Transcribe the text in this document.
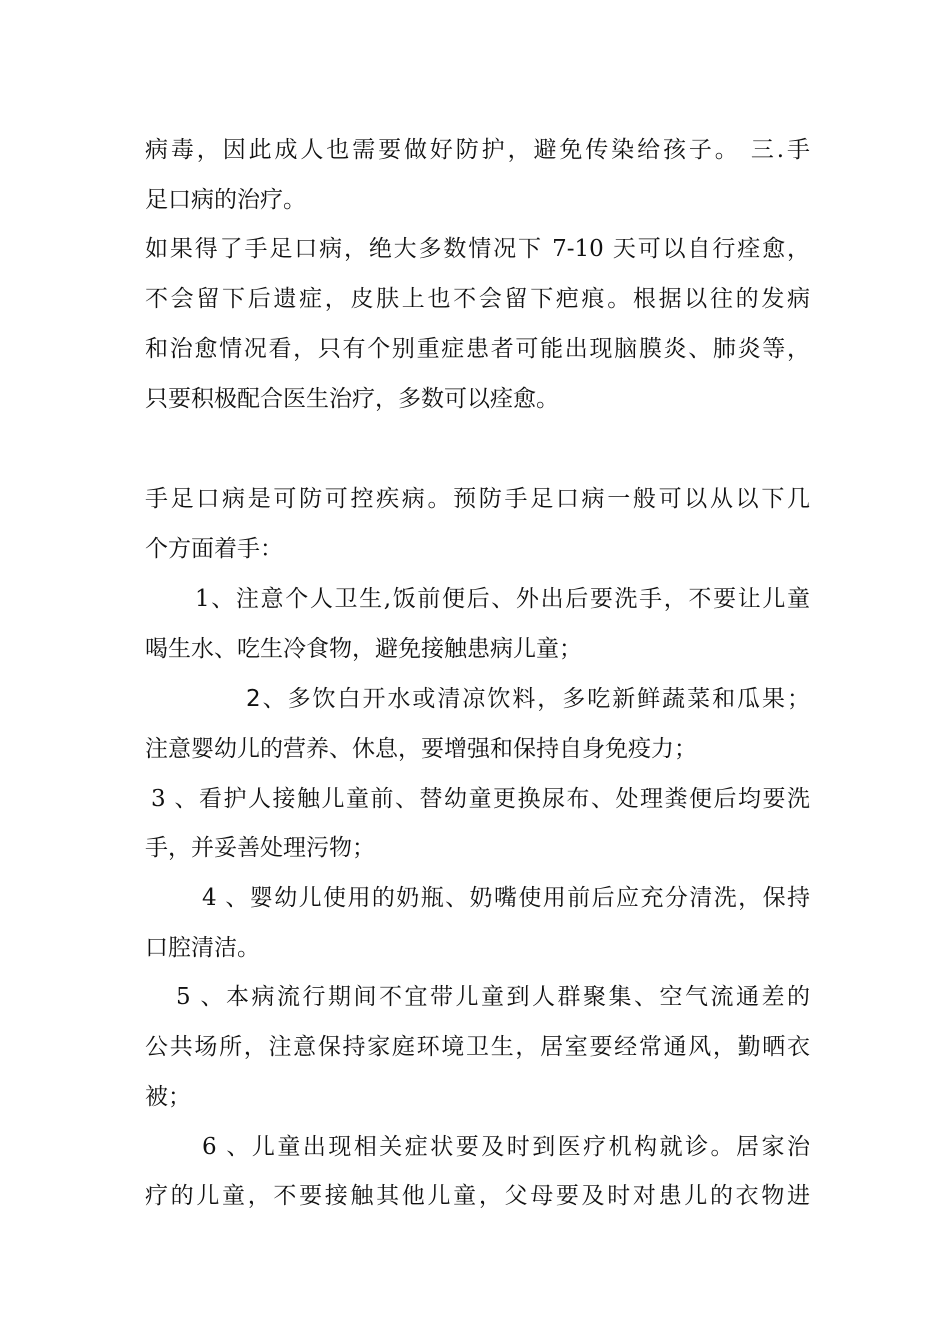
病毒，因此成人也需要做好防护，避免传染给孩子。 三.手
足口病的治疗。
如果得了手足口病，绝大多数情况下 7-10 天可以自行痊愈，
不会留下后遗症，皮肤上也不会留下疤痕。根据以往的发病
和治愈情况看，只有个别重症患者可能出现脑膜炎、肺炎等，
只要积极配合医生治疗，多数可以痊愈。
手足口病是可防可控疾病。预防手足口病一般可以从以下几
个方面着手：
1、注意个人卫生,饭前便后、外出后要洗手，不要让儿童
喝生水、吃生冷食物，避免接触患病儿童；
2、多饮白开水或清凉饮料，多吃新鲜蔬菜和瓜果；
注意婴幼儿的营养、休息，要增强和保持自身免疫力；
3 、看护人接触儿童前、替幼童更换尿布、处理粪便后均要洗
手，并妥善处理污物；
4 、婴幼儿使用的奶瓶、奶嘴使用前后应充分清洗，保持
口腔清洁。
5 、本病流行期间不宜带儿童到人群聚集、空气流通差的
公共场所，注意保持家庭环境卫生，居室要经常通风，勤晒衣
被；
6 、儿童出现相关症状要及时到医疗机构就诊。居家治
疗的儿童，不要接触其他儿童，父母要及时对患儿的衣物进
